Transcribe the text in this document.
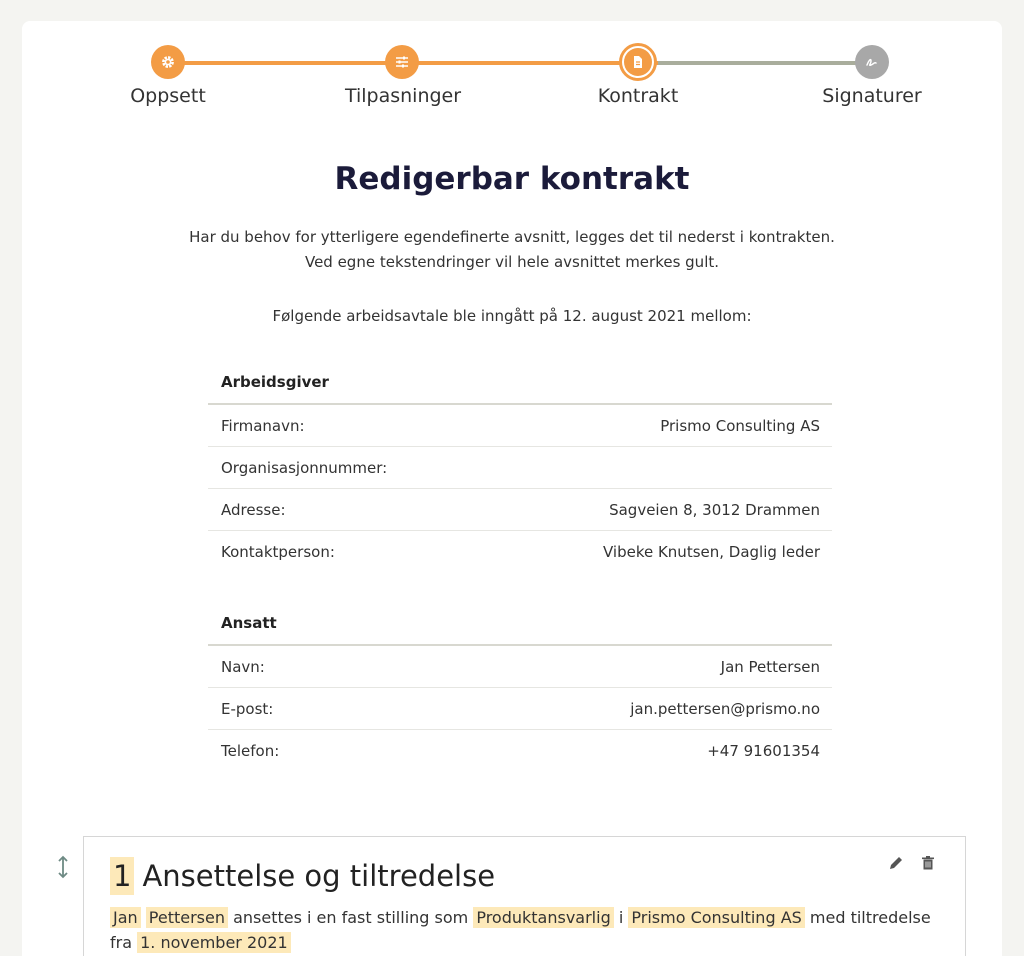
Oppsett	Tilpasninger	Kontrakt	Signaturer
Redigerbar kontrakt
Har du behov for ytterligere egendefinerte avsnitt, legges det til nederst i kontrakten.
Ved egne tekstendringer vil hele avsnittet merkes gult.
Følgende arbeidsavtale ble inngått på 12. august 2021 mellom:
Arbeidsgiver
Firmanavn:	Prismo Consulting AS
Organisasjonnummer:
Adresse:	Sagveien 8, 3012 Drammen
Kontaktperson:	Vibeke Knutsen, Daglig leder
Ansatt
Navn:	Jan Pettersen
E-post:	jan.pettersen@prismo.no
Telefon:	+47 91601354
1 Ansettelse og tiltredelse
Jan Pettersen ansettes i en fast stilling som Produktansvarlig i Prismo Consulting AS med tiltredelse fra 1. november 2021
